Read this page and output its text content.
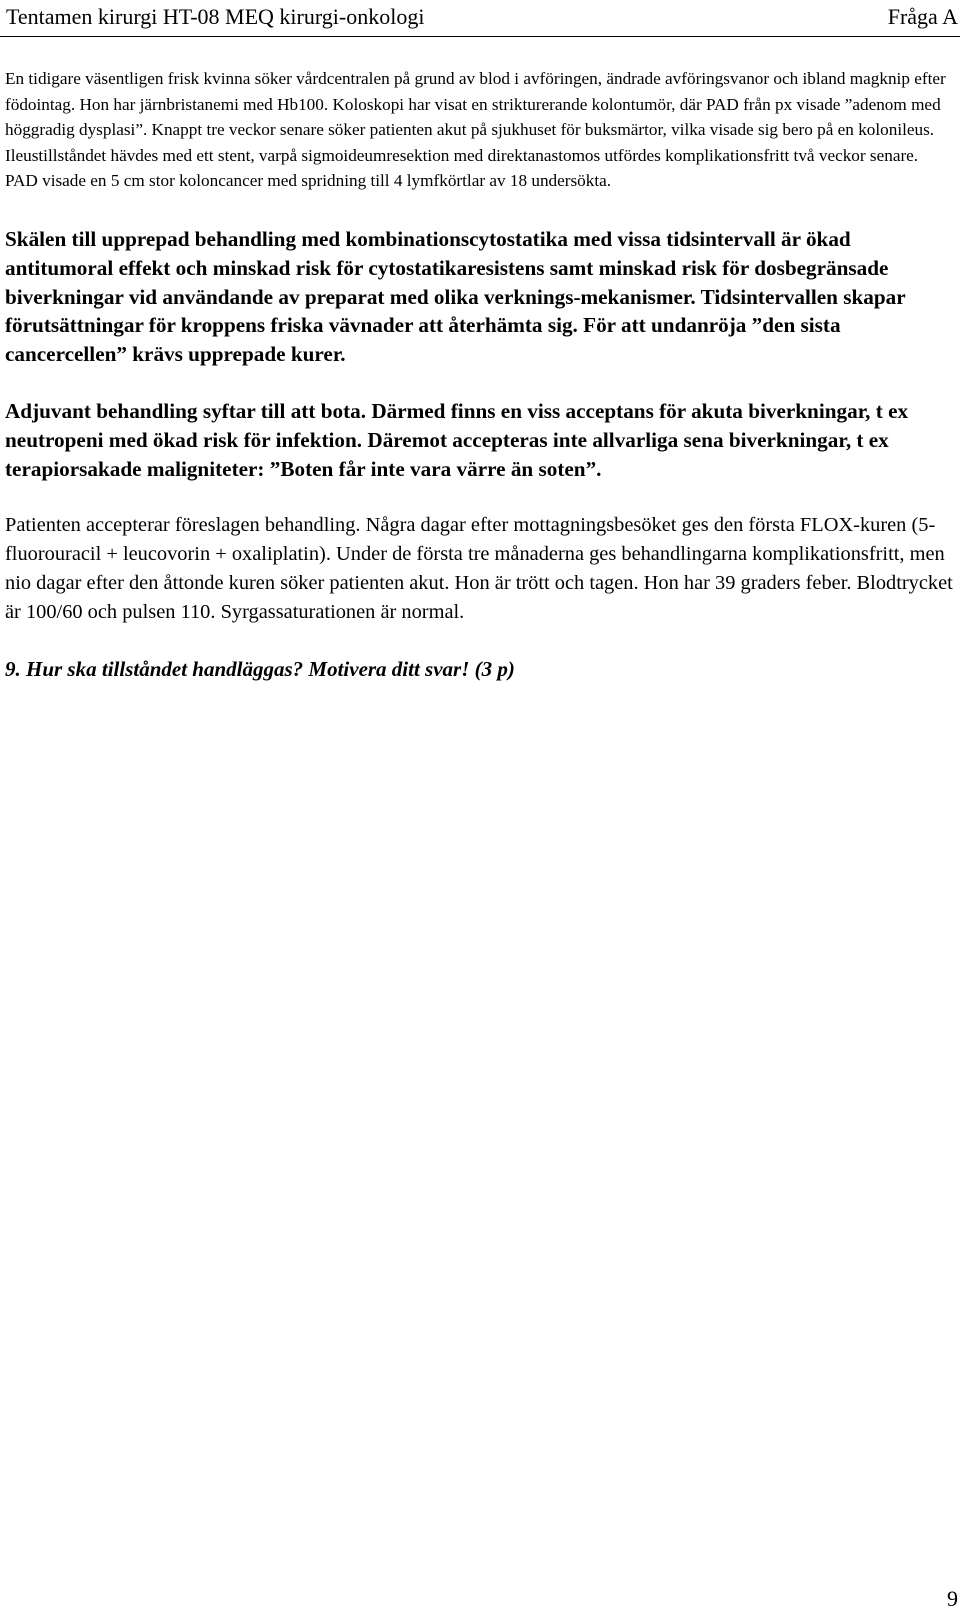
Tentamen kirurgi HT-08 MEQ kirurgi-onkologi	Fråga A

En tidigare väsentligen frisk kvinna söker vårdcentralen på grund av blod i avföringen, ändrade avföringsvanor och ibland magknip efter födointag. Hon har järnbristanemi med Hb100. Koloskopi har visat en strikturerande kolontumör, där PAD från px visade ”adenom med höggradig dysplasi”. Knappt tre veckor senare söker patienten akut på sjukhuset för buksmärtor, vilka visade sig bero på en kolonileus. Ileustillståndet hävdes med ett stent, varpå sigmoideumresektion med direktanastomos utfördes komplikationsfritt två veckor senare. PAD visade en 5 cm stor koloncancer med spridning till 4 lymfkörtlar av 18 undersökta.

Skälen till upprepad behandling med kombinationscytostatika med vissa tidsintervall är ökad antitumoral effekt och minskad risk för cytostatikaresistens samt minskad risk för dosbegränsade biverkningar vid användande av preparat med olika verknings-mekanismer. Tidsintervallen skapar förutsättningar för kroppens friska vävnader att återhämta sig. För att undanröja ”den sista cancercellen” krävs upprepade kurer.

Adjuvant behandling syftar till att bota. Därmed finns en viss acceptans för akuta biverkningar, t ex neutropeni med ökad risk för infektion. Däremot accepteras inte allvarliga sena biverkningar, t ex terapiorsakade maligniteter: ”Boten får inte vara värre än soten”.

Patienten accepterar föreslagen behandling. Några dagar efter mottagningsbesöket ges den första FLOX-kuren (5-fluorouracil + leucovorin + oxaliplatin). Under de första tre månaderna ges behandlingarna komplikationsfritt, men nio dagar efter den åttonde kuren söker patienten akut. Hon är trött och tagen. Hon har 39 graders feber. Blodtrycket är 100/60 och pulsen 110. Syrgassaturationen är normal.

9. Hur ska tillståndet handläggas? Motivera ditt svar! (3 p)

9
